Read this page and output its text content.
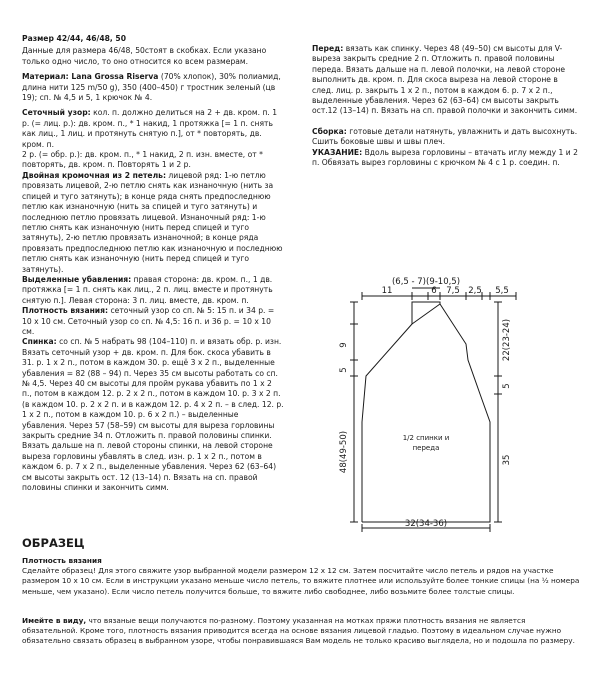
Размер 42/44, 46/48, 50

Данные для размера 46/48, 50стоят в скобках. Если указано только одно число, то оно относится ко всем размерам.

Материал: Lana Grossa Riserva (70% хлопок), 30% полиамид, длина нити 125 m/50 g), 350 (400–450) г тростник зеленый (цв 19); сп. № 4,5 и 5, 1 крючок № 4.

Сеточный узор: кол. п. должно делиться на 2 + дв. кром. п. 1 р. (= лиц. р.): дв. кром. п., * 1 накид, 1 протяжка [= 1 п. снять как лиц., 1 лиц. и протянуть снятую п.], от * повторять, дв. кром. п.

2 р. (= обр. р.): дв. кром. п., * 1 накид, 2 п. изн. вместе, от * повторять, дв. кром. п. Повторять 1 и 2 р.

Двойная кромочная из 2 петель: лицевой ряд: 1-ю петлю провязать лицевой, 2-ю петлю снять как изнаночную (нить за спицей и туго затянуть); в конце ряда снять предпоследнюю петлю как изнаночную (нить за спицей и туго затянуть) и последнюю петлю провязать лицевой. Изнаночный ряд: 1-ю петлю снять как изнаночную (нить перед спицей и туго затянуть), 2-ю петлю провязать изнаночной; в конце ряда провязать предпоследнюю петлю как изнаночную и последнюю петлю снять как изнаночную (нить перед спицей и туго затянуть).

Выделенные убавления: правая сторона: дв. кром. п., 1 дв. протяжка [= 1 п. снять как лиц., 2 п. лиц. вместе и протянуть снятую п.]. Левая сторона: 3 п. лиц. вместе, дв. кром. п.

Плотность вязания: сеточный узор со сп. № 5: 15 п. и 34 р. = 10 х 10 см. Сеточный узор со сп. № 4,5: 16 п. и 36 р. = 10 х 10 см.

Спинка: со сп. № 5 набрать 98 (104–110) п. и вязать обр. р. изн. Вязать сеточный узор + дв. кром. п. Для бок. скоса убавить в 31. р. 1 х 2 п., потом в каждом 30. р. ещё 3 х 2 п., выделенные убавления = 82 (88 – 94) п. Через 35 см высоты работать со сп. № 4,5. Через 40 см высоты для пройм рукава убавить по 1 х 2 п., потом в каждом 12. р. 2 х 2 п., потом в каждом 10. р. 3 х 2 п. (в каждом 10. р. 2 х 2 п. и в каждом 12. р. 4 х 2 п. – в след. 12. р. 1 х 2 п., потом в каждом 10. р. 6 х 2 п.) – выделенные убавления. Через 57 (58–59) см высоты для выреза горловины закрыть средние 34 п. Отложить п. правой половины спинки. Вязать дальше на п. левой стороны спинки, на левой стороне выреза горловины убавлять в след. изн. р. 1 х 2 п., потом в каждом 6. р. 7 х 2 п., выделенные убавления. Через 62 (63–64) см высоты закрыть ост. 12 (13–14) п. Вязать на сп. правой половины спинки и закончить симм.

Перед: вязать как спинку. Через 48 (49–50) см высоты для V-выреза закрыть средние 2 п. Отложить п. правой половины переда. Вязать дальше на п. левой полочки, на левой стороне выполнить дв. кром. п. Для скоса выреза на левой стороне в след. лиц. р. закрыть 1 х 2 п., потом в каждом 6. р. 7 х 2 п., выделенные убавления. Через 62 (63–64) см высоты закрыть ост.12 (13–14) п. Вязать на сп. правой полочки и закончить симм.

Сборка: готовые детали натянуть, увлажнить и дать высохнуть. Сшить боковые швы и швы плеч.

УКАЗАНИЕ: Вдоль выреза горловины – втачать иглу между 1 и 2 п. Обвязать вырез горловины с крючком № 4 с 1 р. соедин. п.

(6,5 - 7)(9-10,5)
11	6 7,5 2,5 5,5
9
5
48(49-50)
22(23-24)
5
35
1/2 спинки и
переда
32(34-36)
ОБРАЗЕЦ
Плотность вязания
Сделайте образец! Для этого свяжите узор выбранной модели размером 12 х 12 см. Затем посчитайте число петель и рядов на участке размером 10 х 10 см. Если в инструкции указано меньше число петель, то вяжите плотнее или используйте более тонкие спицы (на ½ номера меньше, чем указано). Если число петель получится больше, то вяжите либо свободнее, либо возьмите более толстые спицы.
Имейте в виду, что вязаные вещи получаются по-разному. Поэтому указанная на мотках пряжи плотность вязания не является обязательной. Кроме того, плотность вязания приводится всегда на основе вязания лицевой гладью. Поэтому в идеальном случае нужно обязательно связать образец в выбранном узоре, чтобы понравившаяся Вам модель не только красиво выглядела, но и подошла по размеру.
